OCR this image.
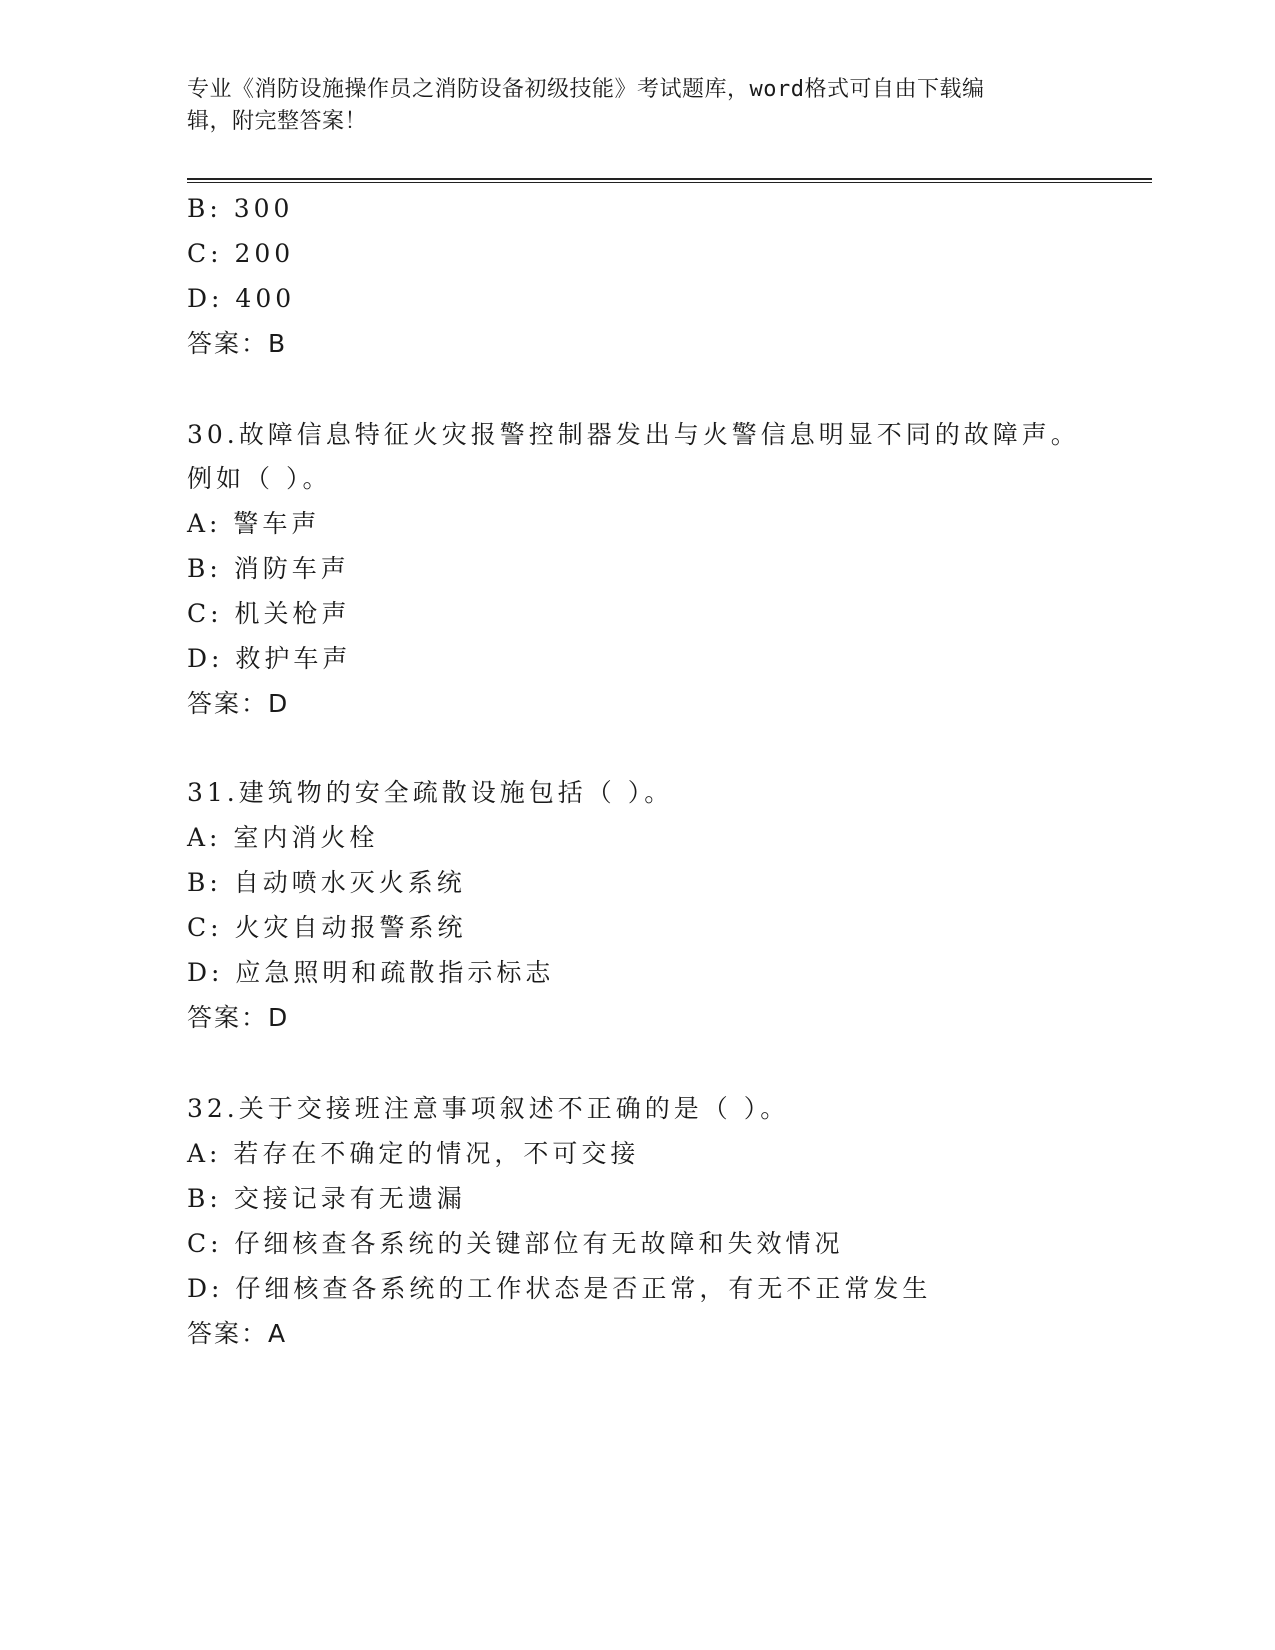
专业《消防设施操作员之消防设备初级技能》考试题库，word格式可自由下载编
辑，附完整答案！
B: 300
C: 200
D: 400
答案：B
30.故障信息特征火灾报警控制器发出与火警信息明显不同的故障声。
例如（ ）。
A: 警车声
B: 消防车声
C: 机关枪声
D: 救护车声
答案：D
31.建筑物的安全疏散设施包括（ ）。
A: 室内消火栓
B: 自动喷水灭火系统
C: 火灾自动报警系统
D: 应急照明和疏散指示标志
答案：D
32.关于交接班注意事项叙述不正确的是（ ）。
A: 若存在不确定的情况，不可交接
B: 交接记录有无遗漏
C: 仔细核查各系统的关键部位有无故障和失效情况
D: 仔细核查各系统的工作状态是否正常，有无不正常发生
答案：A
